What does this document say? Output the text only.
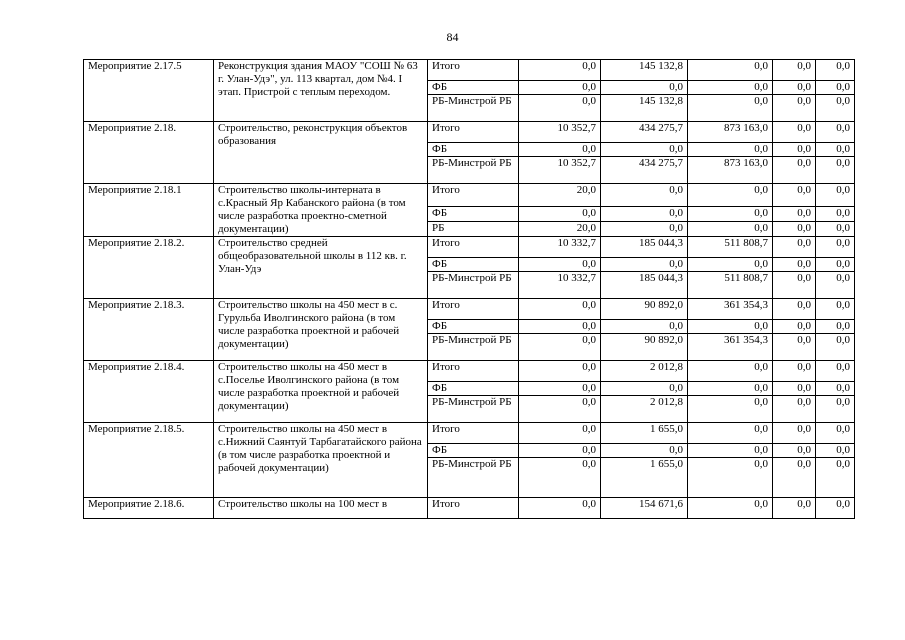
84
Мероприятие 2.17.5	Реконструкция здания МАОУ "СОШ № 63 г. Улан-Удэ", ул. 113 квартал, дом №4. I этап. Пристрой с теплым переходом.	Итого	0,0	145 132,8	0,0	0,0	0,0
		ФБ	0,0	0,0	0,0	0,0	0,0
		РБ-Минстрой РБ	0,0	145 132,8	0,0	0,0	0,0
Мероприятие 2.18.	Строительство, реконструкция объектов образования	Итого	10 352,7	434 275,7	873 163,0	0,0	0,0
		ФБ	0,0	0,0	0,0	0,0	0,0
		РБ-Минстрой РБ	10 352,7	434 275,7	873 163,0	0,0	0,0
Мероприятие 2.18.1	Строительство школы-интерната в с.Красный Яр Кабанского района (в том числе разработка проектно-сметной документации)	Итого	20,0	0,0	0,0	0,0	0,0
		ФБ	0,0	0,0	0,0	0,0	0,0
		РБ	20,0	0,0	0,0	0,0	0,0
Мероприятие 2.18.2.	Строительство средней общеобразовательной школы в 112 кв. г. Улан-Удэ	Итого	10 332,7	185 044,3	511 808,7	0,0	0,0
		ФБ	0,0	0,0	0,0	0,0	0,0
		РБ-Минстрой РБ	10 332,7	185 044,3	511 808,7	0,0	0,0
Мероприятие 2.18.3.	Строительство школы на 450 мест в с. Гурульба Иволгинского района (в том числе разработка проектной и рабочей документации)	Итого	0,0	90 892,0	361 354,3	0,0	0,0
		ФБ	0,0	0,0	0,0	0,0	0,0
		РБ-Минстрой РБ	0,0	90 892,0	361 354,3	0,0	0,0
Мероприятие 2.18.4.	Строительство школы на 450 мест в с.Поселье Иволгинского района (в том числе разработка проектной и рабочей документации)	Итого	0,0	2 012,8	0,0	0,0	0,0
		ФБ	0,0	0,0	0,0	0,0	0,0
		РБ-Минстрой РБ	0,0	2 012,8	0,0	0,0	0,0
Мероприятие 2.18.5.	Строительство школы на 450 мест в с.Нижний Саянтуй Тарбагатайского района (в том числе разработка проектной и рабочей документации)	Итого	0,0	1 655,0	0,0	0,0	0,0
		ФБ	0,0	0,0	0,0	0,0	0,0
		РБ-Минстрой РБ	0,0	1 655,0	0,0	0,0	0,0
Мероприятие 2.18.6.	Строительство школы на 100 мест в	Итого	0,0	154 671,6	0,0	0,0	0,0
